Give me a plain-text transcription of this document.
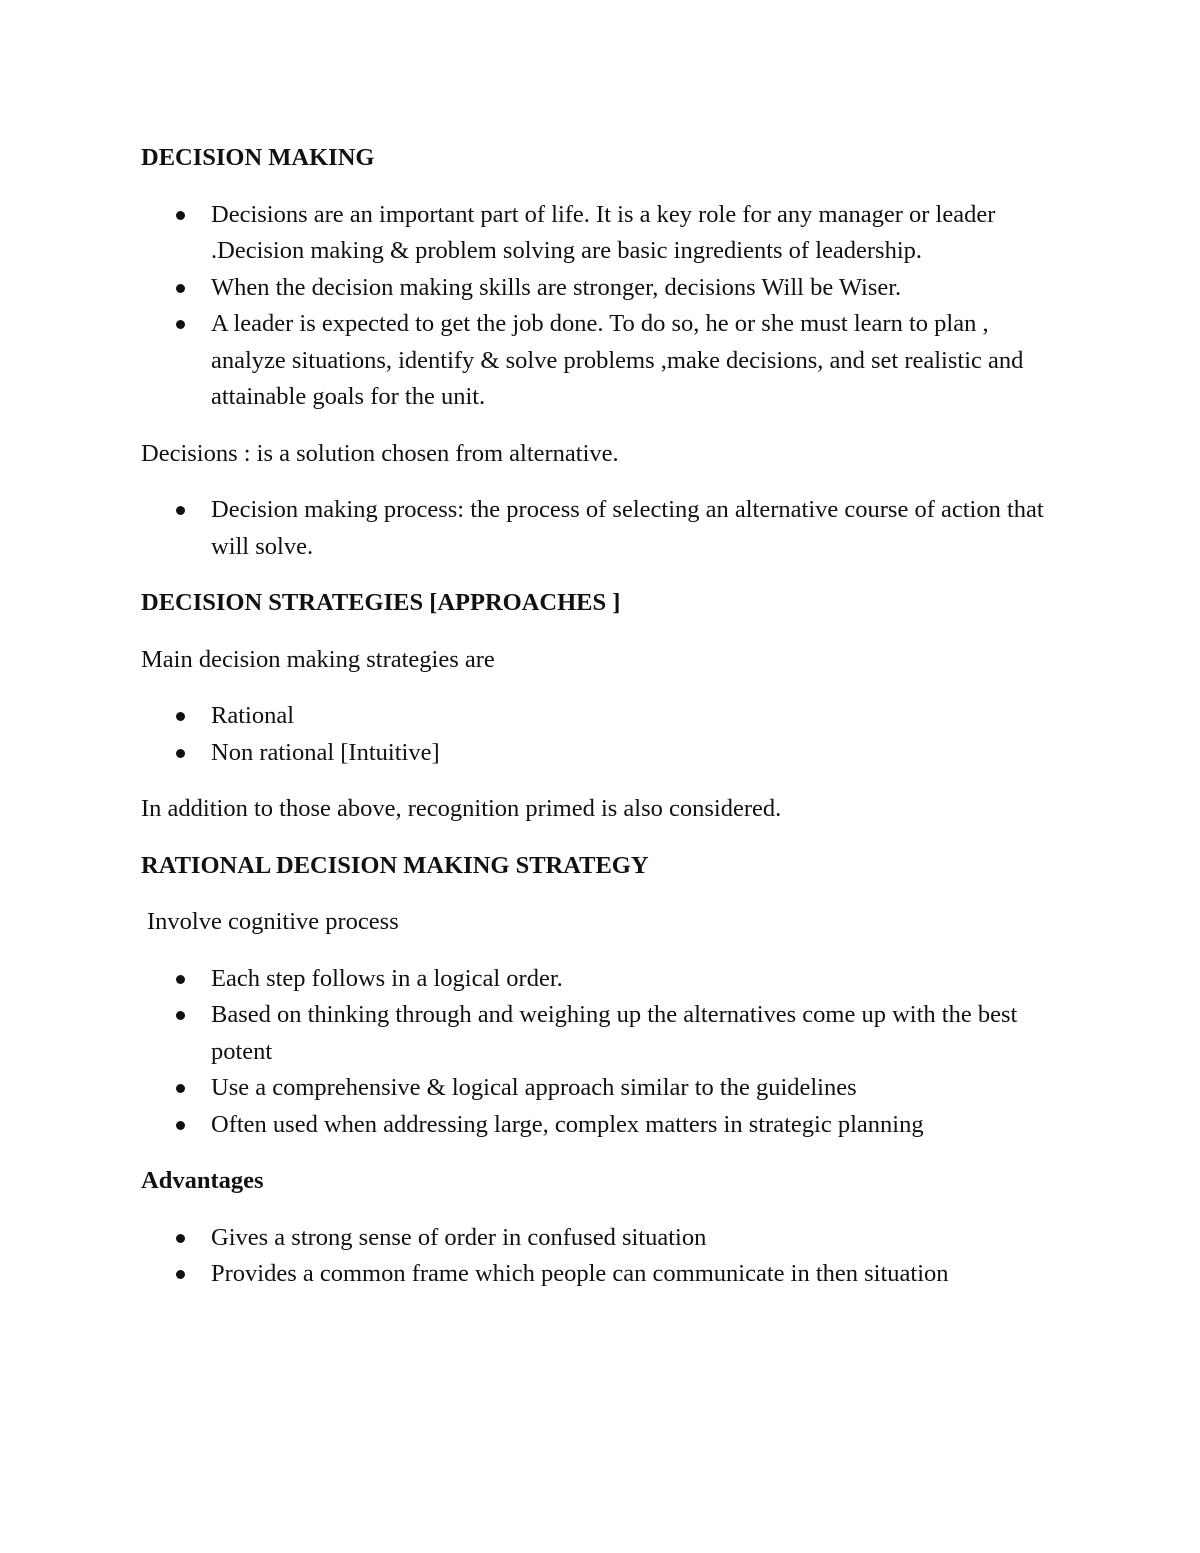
DECISION MAKING
Decisions are an important part of life. It is a key role for any manager or leader .Decision making & problem solving are basic ingredients of leadership.
When the decision making skills are stronger, decisions Will be Wiser.
A leader is expected to get the job done. To do so, he or she must learn to plan , analyze situations, identify & solve problems ,make decisions, and set realistic and attainable goals for the unit.

Decisions : is a solution chosen from alternative.

Decision making process: the process of selecting an alternative course of action that will solve.
DECISION STRATEGIES [APPROACHES ]

Main decision making strategies are

Rational
Non rational [Intuitive]

In addition to those above, recognition primed is also considered.

RATIONAL DECISION MAKING STRATEGY

Involve cognitive process

Each step follows in a logical order.
Based on thinking through and weighing up the alternatives come up with the best potent
Use a comprehensive & logical approach similar to the guidelines
Often used when addressing large, complex matters in strategic planning
Advantages
Gives a strong sense of order in confused situation
Provides a common frame which people can communicate in then situation
